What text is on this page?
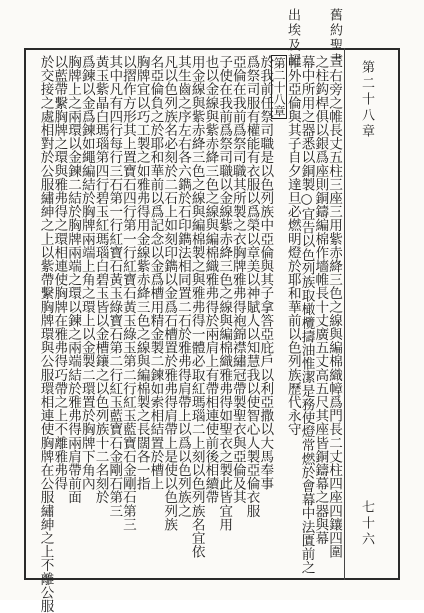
舊約聖書
出埃及記
第二十八章
七十六
三右旁之帷長丈五柱三座三用紫赤絳三色之線與編棉織幛爲門長二丈柱四座四鑲四圍
之柱鈎桿俱以銀爲座則銅鑄編棉作墻帷長十丈廣五丈高五尺其座皆銅鑄幕之器與幕
幕中所用之器悉以銅製○宜告以色列族取橄欖擣油惟潔是務使燈常燃於會幕中法匱前之
帷外亞倫與其子自夕達旦必燃明燈於耶和華前以色列族歷代永守
第二十八章
於我前任祭司職是以色列族中亞倫與其子拿答亞庇戶以利亞撒以大馬奉事
爲祭司服有權能有衣服以爲榮以章美以神賦人以知慧我以使智心人製亞倫衣服
亞倫在我前爲祭司職其所製之衣胸牌雅弗得袍錦襟繡冠帶製聖衣與亞倫及其
子使在我前爲祭司職以金線紫赤絳三色之線與編棉織雅弗得如聖衣之製此皆宜用
也以金線與紫赤絳三色之線與編棉織雅弗得於兩肩上有帶相連使前後相續帶
用金線與紫赤絳三色之線與編棉製之與雅弗得一體必取紅瑪瑙二上刻以色列族名宜依
其生齒之序左右各六鐫於石印鐫法相同置二石於雅弗得肩帶上以爲以色列族之
凡以色列族名必刻於二石上如刻印鐫以金爲石槽置於雅弗得肩帶上是使以色列族
名亞倫負之於耶和華前以爲記念以金爲槽用精金製二鍊如索相結置於槽上
胸牌宜以巧工製之如雅弗得用金線紫赤絳三色之線與編棉製之長闊各一指
以摺作方形其上置寶石四行第一行紅寶石黃玉綠玉第二行紅玉藍寶石金剛石第三
其中凡有四行每行三石第一行紅寶石黃玉綠寶石第二行紅玉藍寶石金剛石第三
黃玉紫晶白瑪瑙第四行碧玉紅瑪瑙白碧玉皆以金槽鑲之以色列族十二名刻於
爲鍊以金爲鍊如繩編結於胸牌兩端上角之環上以金製二環置於胸牌下角內
胸牌上之兩環以金鍊二結於胸牌兩端之環以鍊之兩端結於雅弗得兩肩帶前面
以藍帶繫胸牌之環與雅弗得之環相連使胸牌在雅弗得巧帶之上不離雅弗得
於交接之處相對於公服繡紳之上以紫帶繫胸牌環與公服環相連使胸牌在公服繡紳之上不離公服
